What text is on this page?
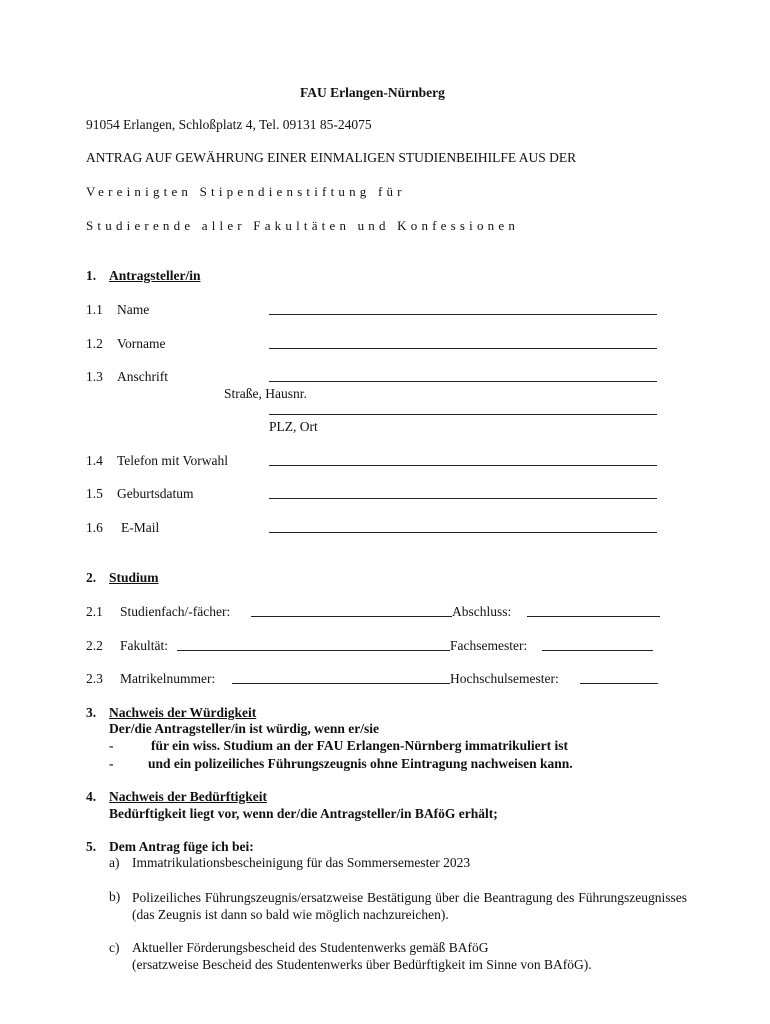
FAU Erlangen-Nürnberg
91054 Erlangen, Schloßplatz 4, Tel. 09131 85-24075
ANTRAG AUF GEWÄHRUNG EINER EINMALIGEN STUDIENBEIHILFE AUS DER
Vereinigten Stipendienstiftung für
Studierende aller Fakultäten und Konfessionen
1. Antragsteller/in
1.1 Name
1.2 Vorname
1.3 Anschrift
Straße, Hausnr.
PLZ, Ort
1.4 Telefon mit Vorwahl
1.5 Geburtsdatum
1.6 E-Mail
2. Studium
2.1 Studienfach/-fächer:	Abschluss:
2.2 Fakultät:	Fachsemester:
2.3 Matrikelnummer:	Hochschulsemester:
3. Nachweis der Würdigkeit
Der/die Antragsteller/in ist würdig, wenn er/sie
-	für ein wiss. Studium an der FAU Erlangen-Nürnberg immatrikuliert ist
-	und ein polizeiliches Führungszeugnis ohne Eintragung nachweisen kann.
4. Nachweis der Bedürftigkeit
Bedürftigkeit liegt vor, wenn der/die Antragsteller/in BAföG erhält;
5. Dem Antrag füge ich bei:
a) Immatrikulationsbescheinigung für das Sommersemester 2023
b) Polizeiliches Führungszeugnis/ersatzweise Bestätigung über die Beantragung des Führungszeugnisses (das Zeugnis ist dann so bald wie möglich nachzureichen).
c) Aktueller Förderungsbescheid des Studentenwerks gemäß BAföG
(ersatzweise Bescheid des Studentenwerks über Bedürftigkeit im Sinne von BAföG).
